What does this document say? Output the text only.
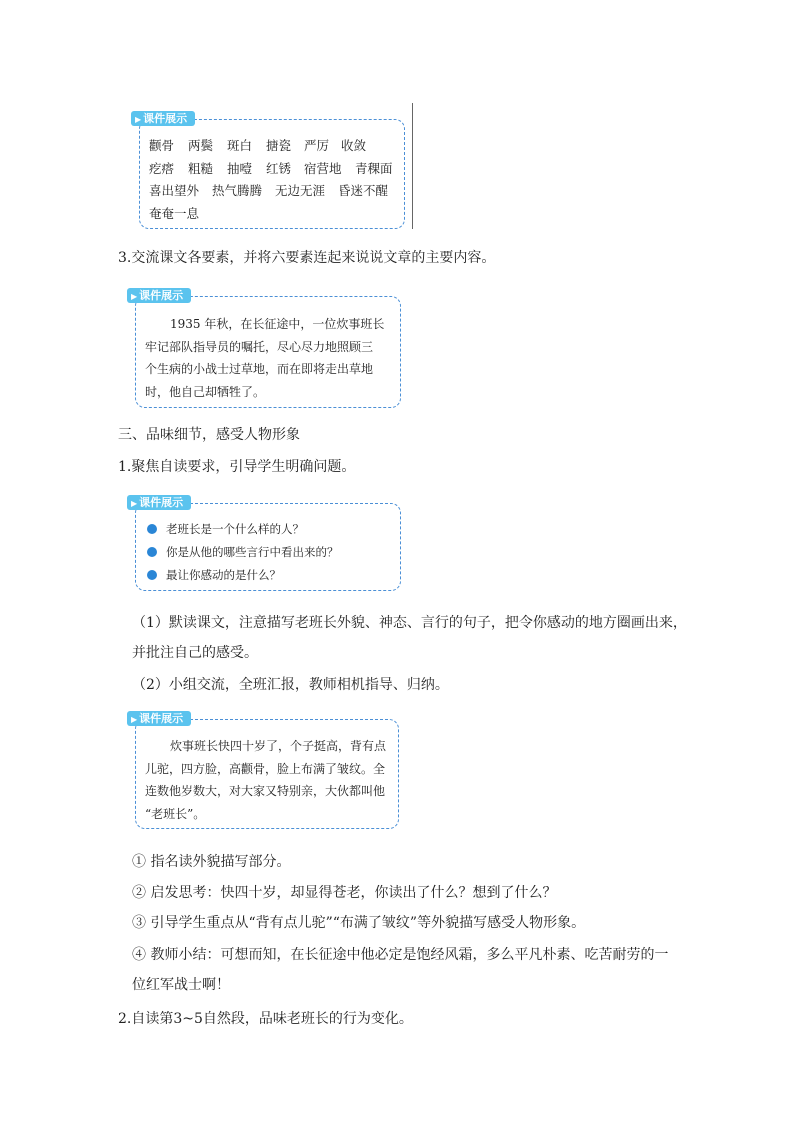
▶ 课件展示
颧骨 两鬓 斑白 搪瓷 严厉 收敛
疙瘩 粗糙 抽噎 红锈 宿营地 青稞面
喜出望外 热气腾腾 无边无涯 昏迷不醒
奄奄一息
3.交流课文各要素，并将六要素连起来说说文章的主要内容。
▶ 课件展示
1935 年秋，在长征途中，一位炊事班长
牢记部队指导员的嘱托，尽心尽力地照顾三
个生病的小战士过草地，而在即将走出草地
时，他自己却牺牲了。
三、品味细节，感受人物形象
1.聚焦自读要求，引导学生明确问题。
▶ 课件展示
老班长是一个什么样的人？
你是从他的哪些言行中看出来的？
最让你感动的是什么？
（1）默读课文，注意描写老班长外貌、神态、言行的句子，把令你感动的地方圈画出来，
并批注自己的感受。
（2）小组交流，全班汇报，教师相机指导、归纳。
▶ 课件展示
炊事班长快四十岁了，个子挺高，背有点
儿驼，四方脸，高颧骨，脸上布满了皱纹。全
连数他岁数大，对大家又特别亲，大伙都叫他
“老班长”。
① 指名读外貌描写部分。
② 启发思考：快四十岁，却显得苍老，你读出了什么？想到了什么？
③ 引导学生重点从“背有点儿驼”“布满了皱纹”等外貌描写感受人物形象。
④ 教师小结：可想而知，在长征途中他必定是饱经风霜，多么平凡朴素、吃苦耐劳的一
位红军战士啊！
2.自读第3~5自然段，品味老班长的行为变化。
